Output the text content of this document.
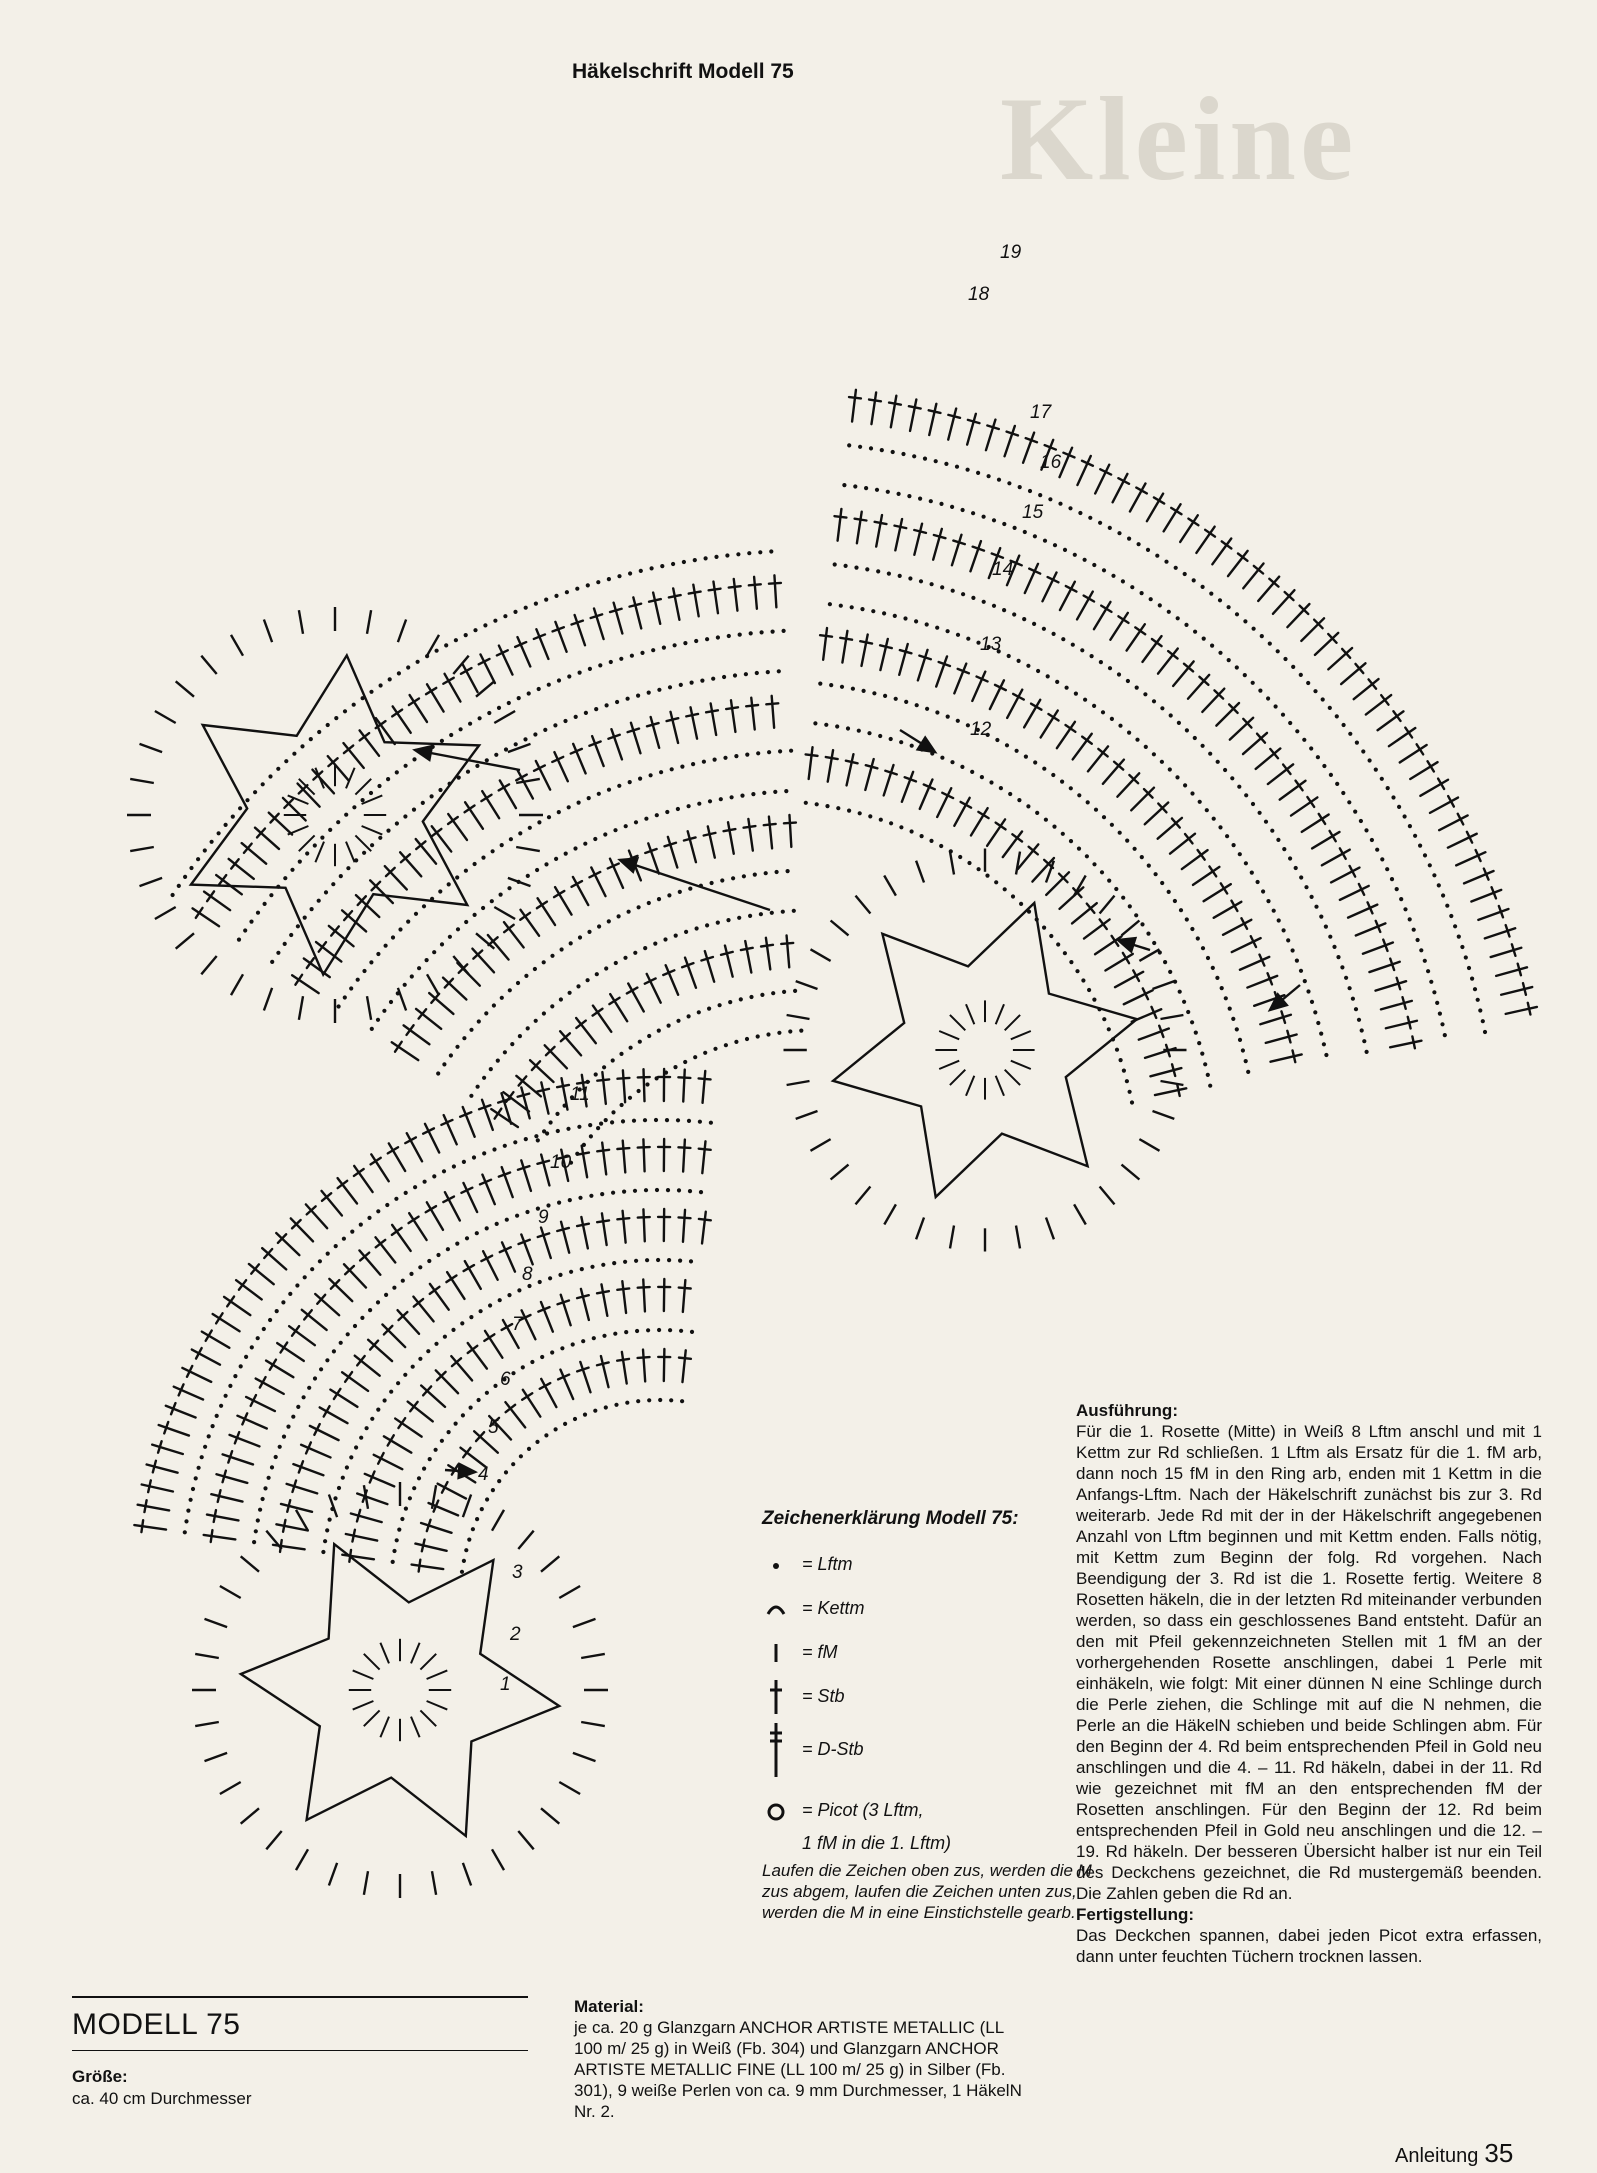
Kleine
19
18
17
16
15
14
13
12
11
10
9
8
7
6
5
4
3
2
1
Häkelschrift Modell 75
Zeichenerklärung Modell 75:
= Lftm
= Kettm
= fM
= Stb
= D-Stb
= Picot (3 Lftm,
1 fM in die 1. Lftm)
Laufen die Zeichen oben zus, werden die M zus abgem, laufen die Zeichen unten zus, werden die M in eine Einstichstelle gearb.
MODELL 75
Größe:
ca. 40 cm Durchmesser
Material:
je ca. 20 g Glanzgarn ANCHOR ARTISTE METALLIC (LL 100 m/ 25 g) in Weiß (Fb. 304) und Glanzgarn ANCHOR ARTISTE METALLIC FINE (LL 100 m/ 25 g) in Silber (Fb. 301), 9 weiße Perlen von ca. 9 mm Durchmesser, 1 HäkelN Nr. 2.
Ausführung:
Für die 1. Rosette (Mitte) in Weiß 8 Lftm anschl und mit 1 Kettm zur Rd schließen. 1 Lftm als Ersatz für die 1. fM arb, dann noch 15 fM in den Ring arb, enden mit 1 Kettm in die Anfangs-Lftm. Nach der Häkelschrift zunächst bis zur 3. Rd weiterarb. Jede Rd mit der in der Häkelschrift angegebenen Anzahl von Lftm beginnen und mit Kettm enden. Falls nötig, mit Kettm zum Beginn der folg. Rd vorgehen. Nach Beendigung der 3. Rd ist die 1. Rosette fertig. Weitere 8 Rosetten häkeln, die in der letzten Rd miteinander verbunden werden, so dass ein geschlossenes Band entsteht. Dafür an den mit Pfeil gekennzeichneten Stellen mit 1 fM an der vorhergehenden Rosette anschlingen, dabei 1 Perle mit einhäkeln, wie folgt: Mit einer dünnen N eine Schlinge durch die Perle ziehen, die Schlinge mit auf die N nehmen, die Perle an die HäkelN schieben und beide Schlingen abm. Für den Beginn der 4. Rd beim entsprechenden Pfeil in Gold neu anschlingen und die 4. – 11. Rd häkeln, dabei in der 11. Rd wie gezeichnet mit fM an den entsprechenden fM der Rosetten anschlingen. Für den Beginn der 12. Rd beim entsprechenden Pfeil in Gold neu anschlingen und die 12. – 19. Rd häkeln. Der besseren Übersicht halber ist nur ein Teil des Deckchens gezeichnet, die Rd mustergemäß beenden. Die Zahlen geben die Rd an.
Fertigstellung:
Das Deckchen spannen, dabei jeden Picot extra erfassen, dann unter feuchten Tüchern trocknen lassen.
Anleitung 35
